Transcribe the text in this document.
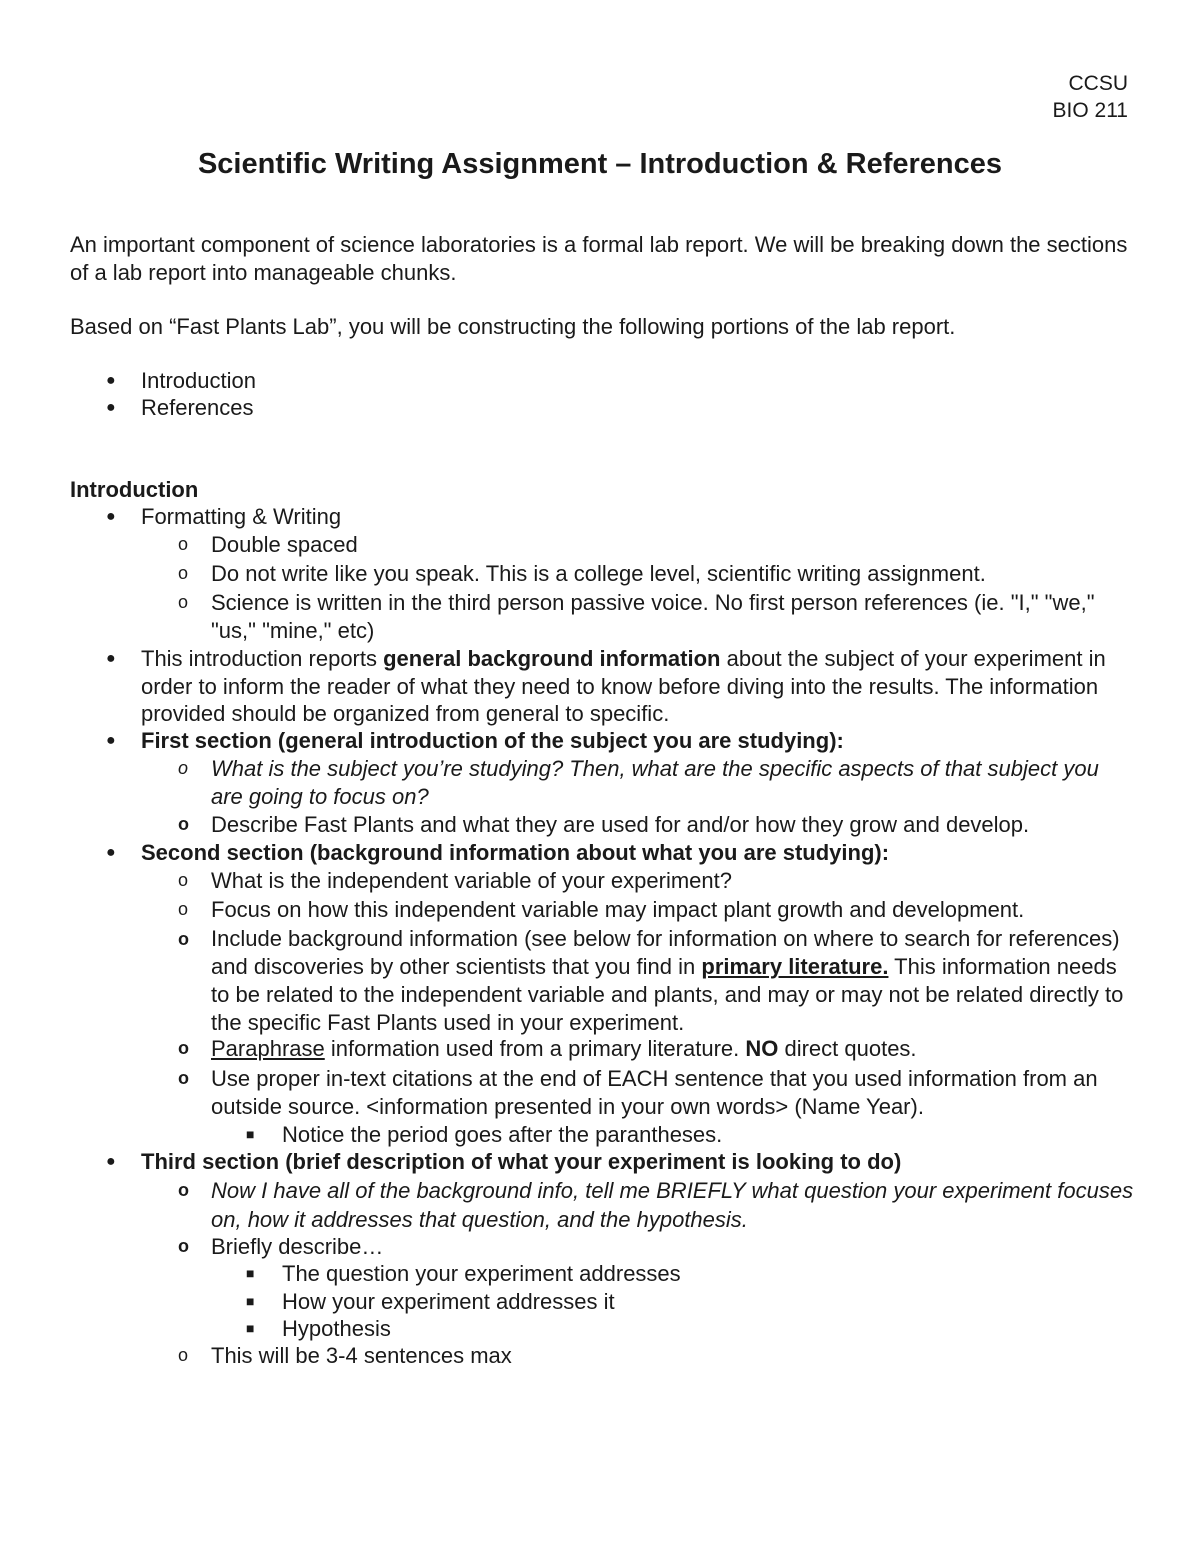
CCSU
BIO 211
Scientific Writing Assignment – Introduction & References

An important component of science laboratories is a formal lab report. We will be breaking down the sections of a lab report into manageable chunks.

Based on “Fast Plants Lab”, you will be constructing the following portions of the lab report.

● Introduction
● References
Introduction
● Formatting & Writing
o Double spaced
o Do not write like you speak. This is a college level, scientific writing assignment.
o Science is written in the third person passive voice. No first person references (ie. "I," "we," "us," "mine," etc)
● This introduction reports general background information about the subject of your experiment in order to inform the reader of what they need to know before diving into the results. The information provided should be organized from general to specific.
● First section (general introduction of the subject you are studying):
o What is the subject you’re studying? Then, what are the specific aspects of that subject you are going to focus on?
o Describe Fast Plants and what they are used for and/or how they grow and develop.
● Second section (background information about what you are studying):
o What is the independent variable of your experiment?
o Focus on how this independent variable may impact plant growth and development.
o Include background information (see below for information on where to search for references) and discoveries by other scientists that you find in primary literature. This information needs to be related to the independent variable and plants, and may or may not be related directly to the specific Fast Plants used in your experiment.
o Paraphrase information used from a primary literature. NO direct quotes.
o Use proper in-text citations at the end of EACH sentence that you used information from an outside source. <information presented in your own words> (Name Year).
■ Notice the period goes after the parantheses.
● Third section (brief description of what your experiment is looking to do)
o Now I have all of the background info, tell me BRIEFLY what question your experiment focuses on, how it addresses that question, and the hypothesis.
o Briefly describe…
■ The question your experiment addresses
■ How your experiment addresses it
■ Hypothesis
o This will be 3-4 sentences max
